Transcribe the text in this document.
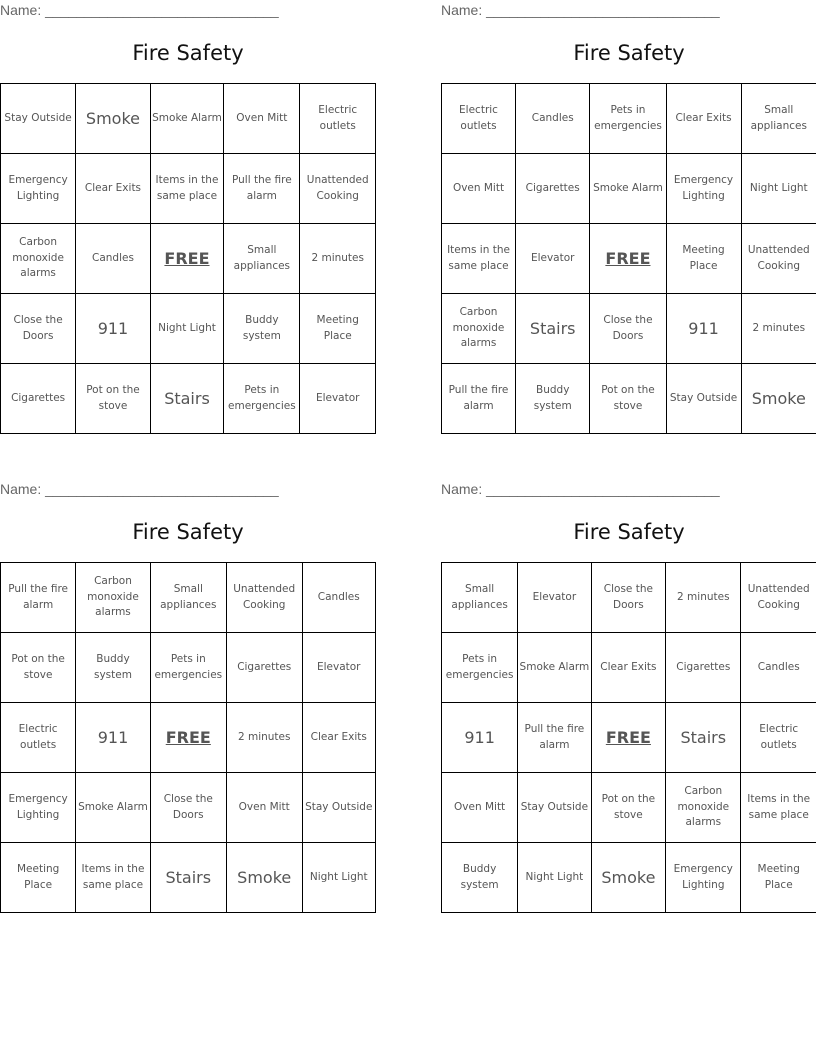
Name: ______________________________
Fire Safety
Stay Outside	Smoke	Smoke Alarm	Oven Mitt	Electric outlets
Emergency Lighting	Clear Exits	Items in the same place	Pull the fire alarm	Unattended Cooking
Carbon monoxide alarms	Candles	FREE	Small appliances	2 minutes
Close the Doors	911	Night Light	Buddy system	Meeting Place
Cigarettes	Pot on the stove	Stairs	Pets in emergencies	Elevator
Name: ______________________________
Fire Safety
Electric outlets	Candles	Pets in emergencies	Clear Exits	Small appliances
Oven Mitt	Cigarettes	Smoke Alarm	Emergency Lighting	Night Light
Items in the same place	Elevator	FREE	Meeting Place	Unattended Cooking
Carbon monoxide alarms	Stairs	Close the Doors	911	2 minutes
Pull the fire alarm	Buddy system	Pot on the stove	Stay Outside	Smoke
Name: ______________________________
Fire Safety
Pull the fire alarm	Carbon monoxide alarms	Small appliances	Unattended Cooking	Candles
Pot on the stove	Buddy system	Pets in emergencies	Cigarettes	Elevator
Electric outlets	911	FREE	2 minutes	Clear Exits
Emergency Lighting	Smoke Alarm	Close the Doors	Oven Mitt	Stay Outside
Meeting Place	Items in the same place	Stairs	Smoke	Night Light
Name: ______________________________
Fire Safety
Small appliances	Elevator	Close the Doors	2 minutes	Unattended Cooking
Pets in emergencies	Smoke Alarm	Clear Exits	Cigarettes	Candles
911	Pull the fire alarm	FREE	Stairs	Electric outlets
Oven Mitt	Stay Outside	Pot on the stove	Carbon monoxide alarms	Items in the same place
Buddy system	Night Light	Smoke	Emergency Lighting	Meeting Place
